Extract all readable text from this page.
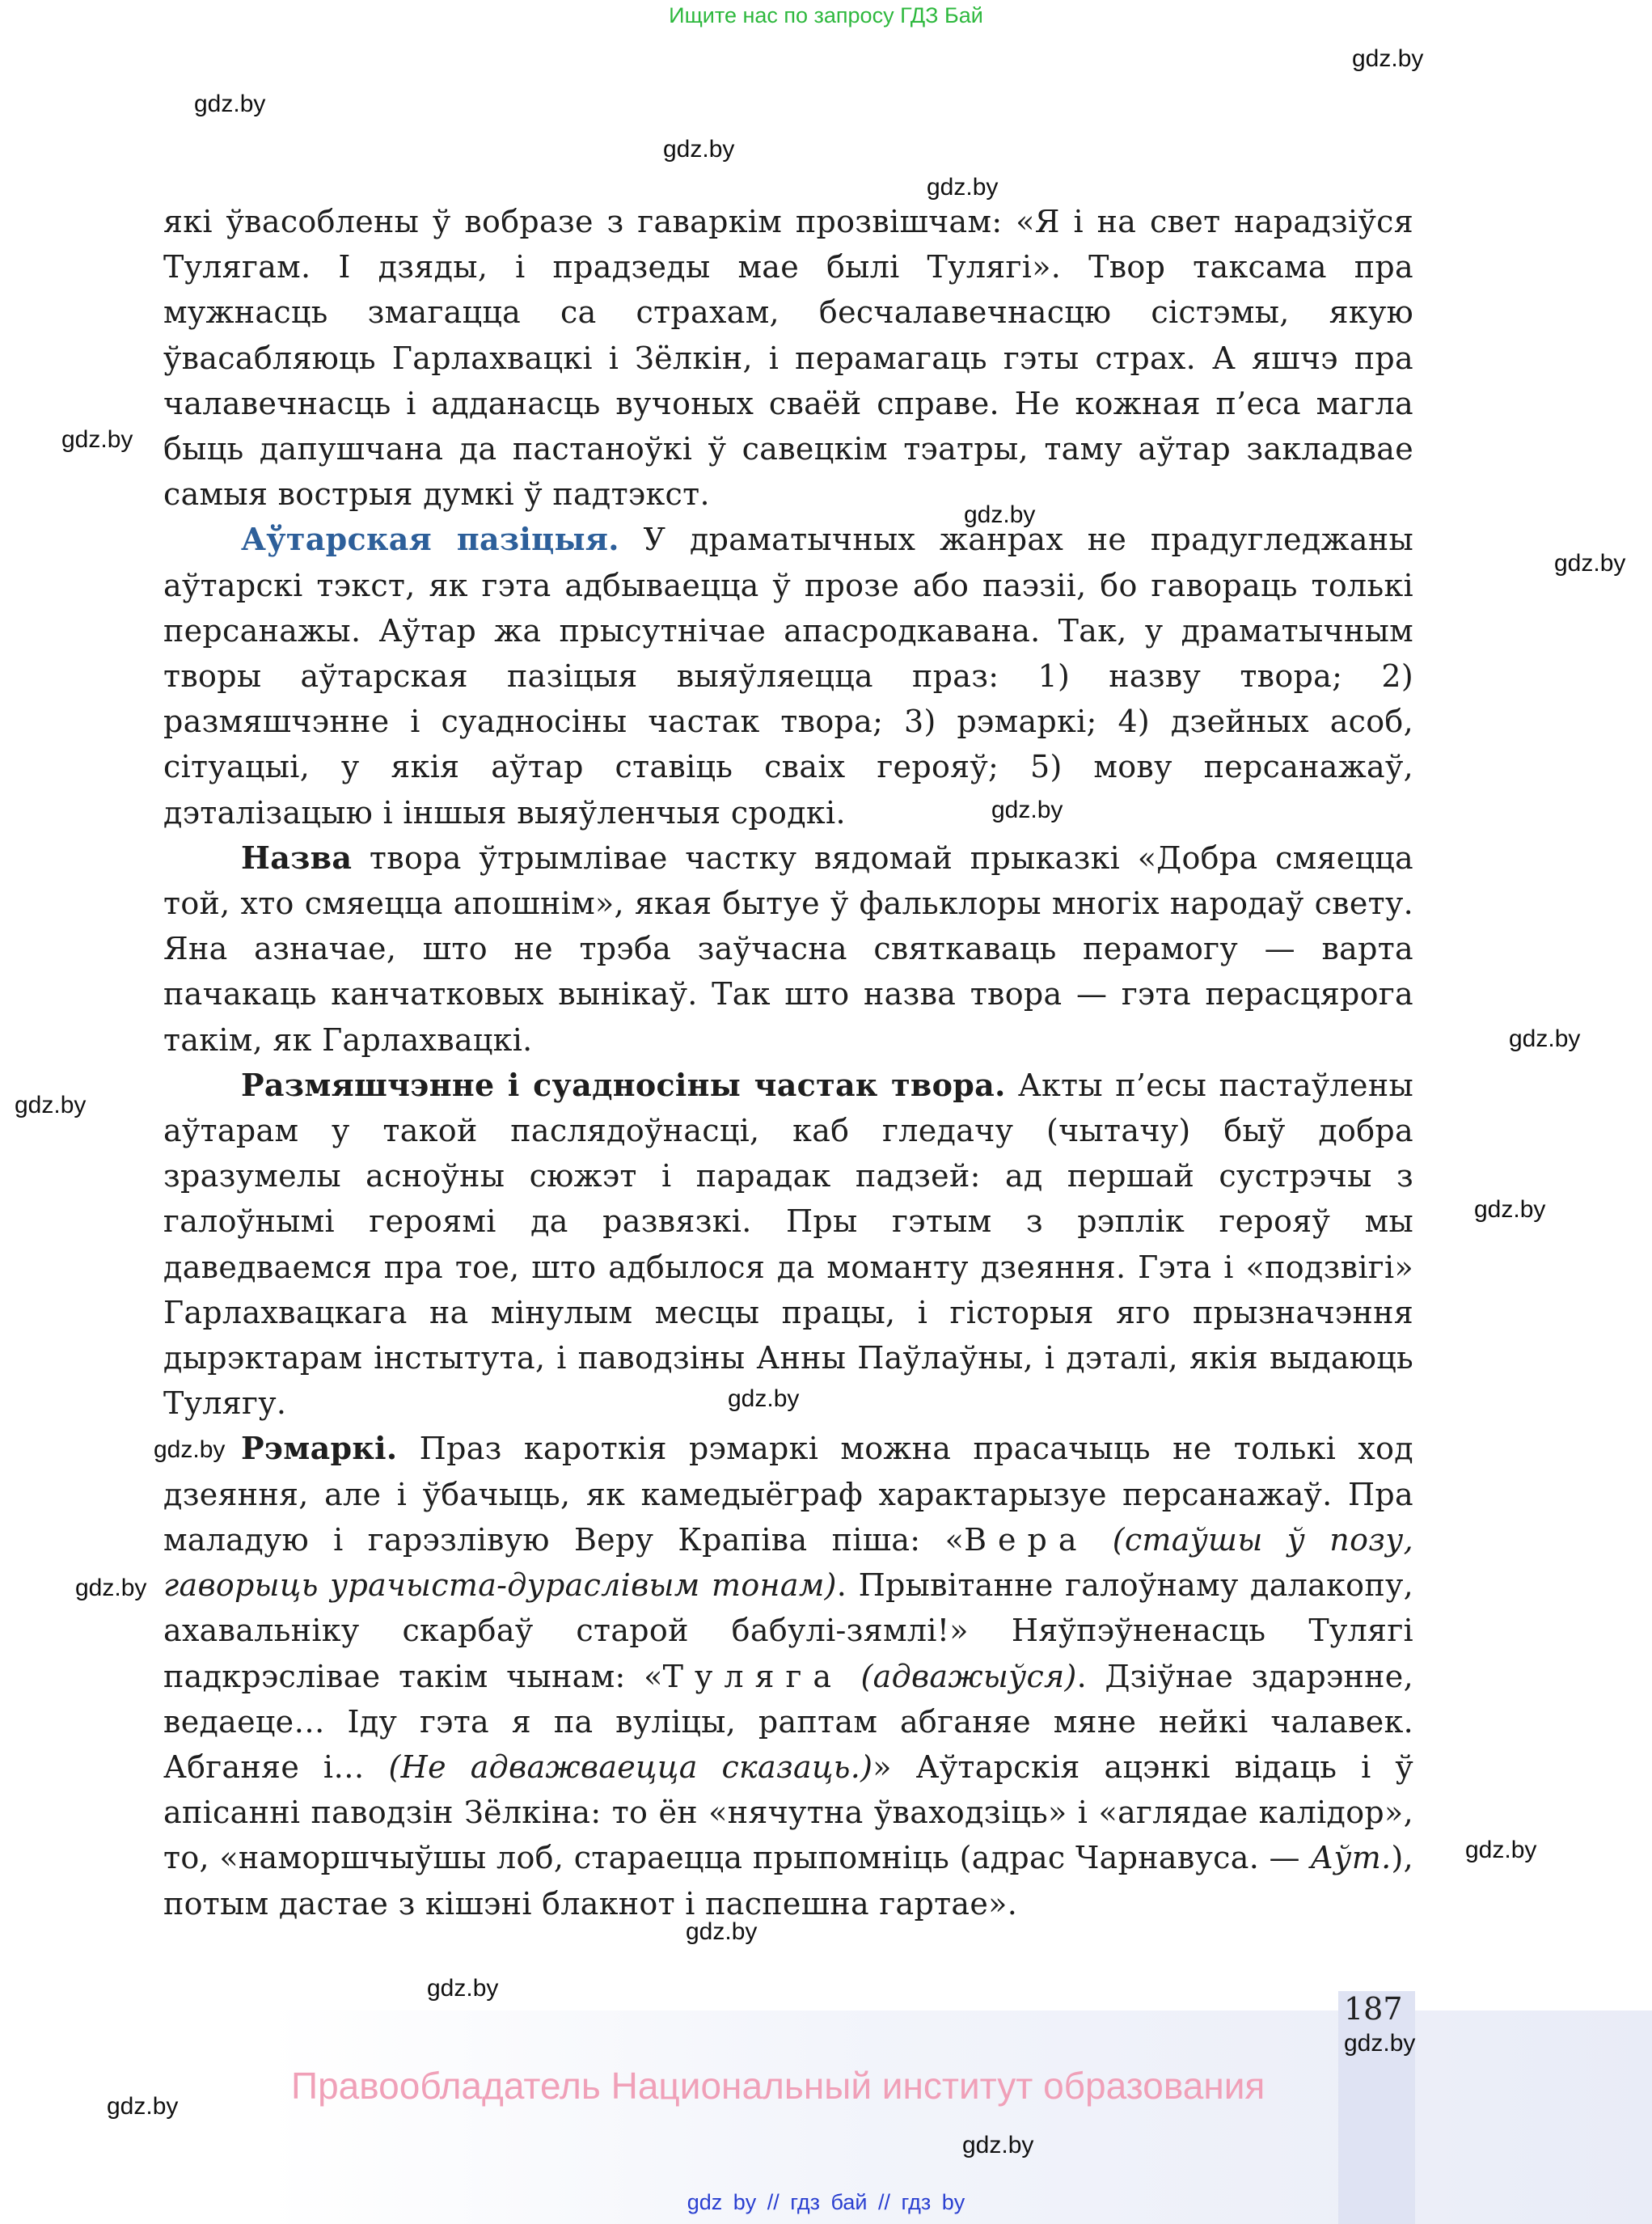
Ищите нас по запросу ГДЗ Бай
gdz.by
gdz.by
gdz.by
gdz.by
gdz.by
gdz.by
gdz.by
gdz.by
gdz.by
gdz.by
gdz.by
gdz.by
gdz.by
gdz.by
gdz.by
gdz.by
gdz.by

які ўвасоблены ў вобразе з гаваркім прозвішчам: «Я і на свет нарадзіўся Тулягам. І дзяды, і прадзеды мае былі Тулягі». Твор таксама пра мужнасць змагацца са страхам, бесчалавечнасцю сістэмы, якую ўвасабляюць Гарлахвацкі і Зёлкін, і перамагаць гэты страх. А яшчэ пра чалавечнасць і адданасць вучоных сваёй справе. Не кожная п’еса магла быць дапушчана да пастаноўкі ў савецкім тэатры, таму аўтар закладвае самыя вострыя думкі ў падтэкст.

Аўтарская пазіцыя. У драматычных жанрах не прадугледжаны аўтарскі тэкст, як гэта адбываецца ў прозе або паэзіі, бо гавораць толькі персанажы. Аўтар жа прысутнічае апасродкавана. Так, у драматычным творы аўтарская пазіцыя выяўляецца праз: 1) назву твора; 2) размяшчэнне і суадносіны частак твора; 3) рэмаркі; 4) дзейных асоб, сітуацыі, у якія аўтар ставіць сваіх герояў; 5) мову персанажаў, дэталізацыю і іншыя выяўленчыя сродкі.

Назва твора ўтрымлівае частку вядомай прыказкі «Добра смяецца той, хто смяецца апошнім», якая бытуе ў фальклоры многіх народаў свету. Яна азначае, што не трэба заўчасна святкаваць перамогу — варта пачакаць канчатковых вынікаў. Так што назва твора — гэта перасцярога такім, як Гарлахвацкі.

Размяшчэнне і суадносіны частак твора. Акты п’есы пастаўлены аўтарам у такой паслядоўнасці, каб гледачу (чытачу) быў добра зразумелы асноўны сюжэт і парадак падзей: ад першай сустрэчы з галоўнымі героямі да развязкі. Пры гэтым з рэплік герояў мы даведваемся пра тое, што адбылося да моманту дзеяння. Гэта і «подзвігі» Гарлахвацкага на мінулым месцы працы, і гісторыя яго прызначэння дырэктарам інстытута, і паводзіны Анны Паўлаўны, і дэталі, якія выдаюць Тулягу.

Рэмаркі. Праз кароткія рэмаркі можна прасачыць не толькі ход дзеяння, але і ўбачыць, як камедыёграф характарызуе персанажаў. Пра маладую і гарэзлівую Веру Крапіва піша: «Вера (стаўшы ў позу, гаворыць урачыста-дураслівым тонам). Прывітанне галоўнаму далакопу, ахавальніку скарбаў старой бабулі-зямлі!» Няўпэўненасць Тулягі падкрэслівае такім чынам: «Туляга (адважыўся). Дзіўнае здарэнне, ведаеце… Іду гэта я па вуліцы, раптам абганяе мяне нейкі чалавек. Абганяе і… (Не адважваецца сказаць.)» Аўтарскія ацэнкі відаць і ў апісанні паводзін Зёлкіна: то ён «нячутна ўваходзіць» і «аглядае калідор», то, «наморшчыўшы лоб, стараецца прыпомніць (адрас Чарнавуса. — Аўт.), потым дастае з кішэні блакнот і паспешна гартае».

187
gdz.by
Правообладатель Национальный институт образования
gdz.by
gdz.by
gdz by // гдз бай // гдз by
